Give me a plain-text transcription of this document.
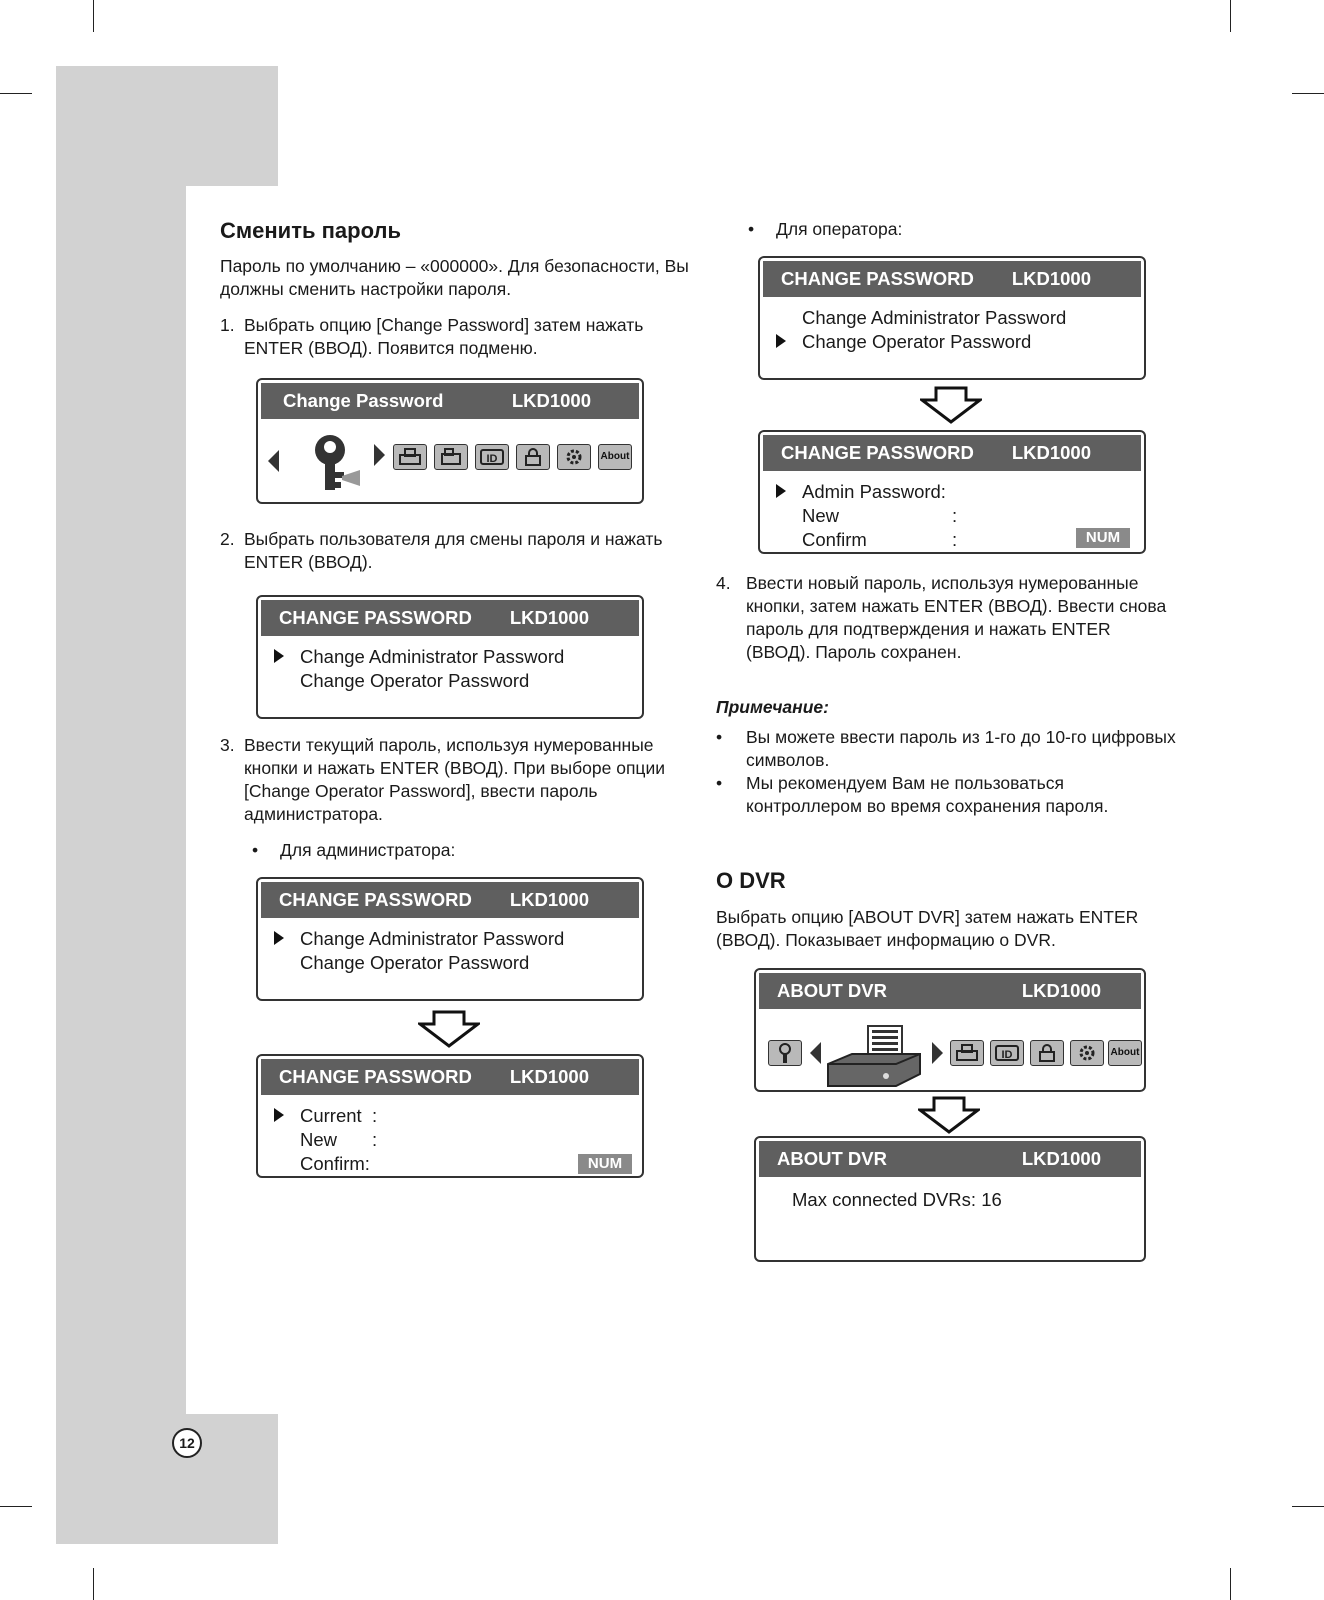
12
Сменить пароль

Пароль по умолчанию – «000000». Для безопасности, Вы должны сменить настройки пароля.

1. Выбрать опцию [Change Password] затем нажать ENTER (ВВОД). Появится подменю.
Change Password	LKD1000
ID	About
2. Выбрать пользователя для смены пароля и нажать ENTER (ВВОД).
CHANGE PASSWORD LKD1000
Change Administrator Password
Change Operator Password
3. Ввести текущий пароль, используя нумерованные кнопки и нажать ENTER (ВВОД). При выборе опции [Change Operator Password], ввести пароль администратора.
• Для администратора:
CHANGE PASSWORD LKD1000
Change Administrator Password
Change Operator Password
CHANGE PASSWORD LKD1000
Current :
New :
Confirm:	NUM
• Для оператора:
CHANGE PASSWORD LKD1000
Change Administrator Password
Change Operator Password
CHANGE PASSWORD LKD1000
Admin Password:
New	:
Confirm	:	NUM
4. Ввести новый пароль, используя нумерованные кнопки, затем нажать ENTER (ВВОД). Ввести снова пароль для подтверждения и нажать ENTER (ВВОД). Пароль сохранен.
Примечание:
• Вы можете ввести пароль из 1-го до 10-го цифровых символов.
• Мы рекомендуем Вам не пользоваться контроллером во время сохранения пароля.
О DVR

Выбрать опцию [ABOUT DVR] затем нажать ENTER (ВВОД). Показывает информацию о DVR.

ABOUT DVR	LKD1000
ID	About
ABOUT DVR	LKD1000
Max connected DVRs: 16
